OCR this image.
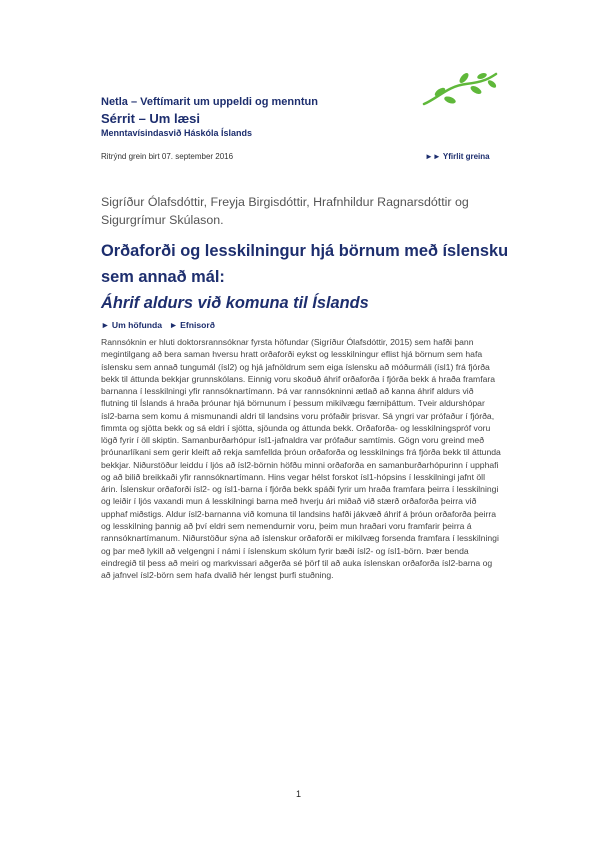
Netla – Veftímarit um uppeldi og menntun
Sérrit – Um læsi
Menntavísindasvið Háskóla Íslands
Ritrýnd grein birt 07. september 2016	►► Yfirlit greina
Sigríður Ólafsdóttir, Freyja Birgisdóttir, Hrafnhildur Ragnarsdóttir og Sigurgrímur Skúlason.
Orðaforði og lesskilningur hjá börnum með íslensku sem annað mál:
Áhrif aldurs við komuna til Íslands
► Um höfunda ► Efnisorð

Rannsóknin er hluti doktorsrannsóknar fyrsta höfundar (Sigríður Ólafsdóttir, 2015) sem hafði þann megintilgang að bera saman hversu hratt orðaforði eykst og lesskilningur eflist hjá börnum sem hafa íslensku sem annað tungumál (ísl2) og hjá jafnöldrum sem eiga íslensku að móðurmáli (ísl1) frá fjórða bekk til áttunda bekkjar grunnskólans. Einnig voru skoðuð áhrif orðaforða í fjórða bekk á hraða framfara barnanna í lesskilningi yfir rannsóknartímann. Þá var rannsókninni ætlað að kanna áhrif aldurs við flutning til Íslands á hraða þróunar hjá börnunum í þessum mikilvægu færniþáttum. Tveir aldurshópar ísl2-barna sem komu á mismunandi aldri til landsins voru prófaðir þrisvar. Sá yngri var prófaður í fjórða, fimmta og sjötta bekk og sá eldri í sjötta, sjöunda og áttunda bekk. Orðaforða- og lesskilningspróf voru lögð fyrir í öll skiptin. Samanburðarhópur ísl1-jafnaldra var prófaður samtímis. Gögn voru greind með þróunarlíkani sem gerir kleift að rekja samfellda þróun orðaforða og lesskilnings frá fjórða bekk til áttunda bekkjar. Niðurstöður leiddu í ljós að ísl2-börnin höfðu minni orðaforða en samanburðarhópurinn í upphafi og að bilið breikkaði yfir rannsóknartímann. Hins vegar hélst forskot ísl1-hópsins í lesskilningi jafnt öll árin. Íslenskur orðaforði ísl2- og ísl1-barna í fjórða bekk spáði fyrir um hraða framfara þeirra í lesskilningi og leiðir í ljós vaxandi mun á lesskilningi barna með hverju ári miðað við stærð orðaforða þeirra við upphaf miðstigs. Aldur ísl2-barnanna við komuna til landsins hafði jákvæð áhrif á þróun orðaforða þeirra og lesskilning þannig að því eldri sem nemendurnir voru, þeim mun hraðari voru framfarir þeirra á rannsóknartímanum. Niðurstöður sýna að íslenskur orðaforði er mikilvæg forsenda framfara í lesskilningi og þar með lykill að velgengni í námi í íslenskum skólum fyrir bæði ísl2- og ísl1-börn. Þær benda eindregið til þess að meiri og markvissari aðgerða sé þörf til að auka íslenskan orðaforða ísl2-barna og að jafnvel ísl2-börn sem hafa dvalið hér lengst þurfi stuðning.

1
